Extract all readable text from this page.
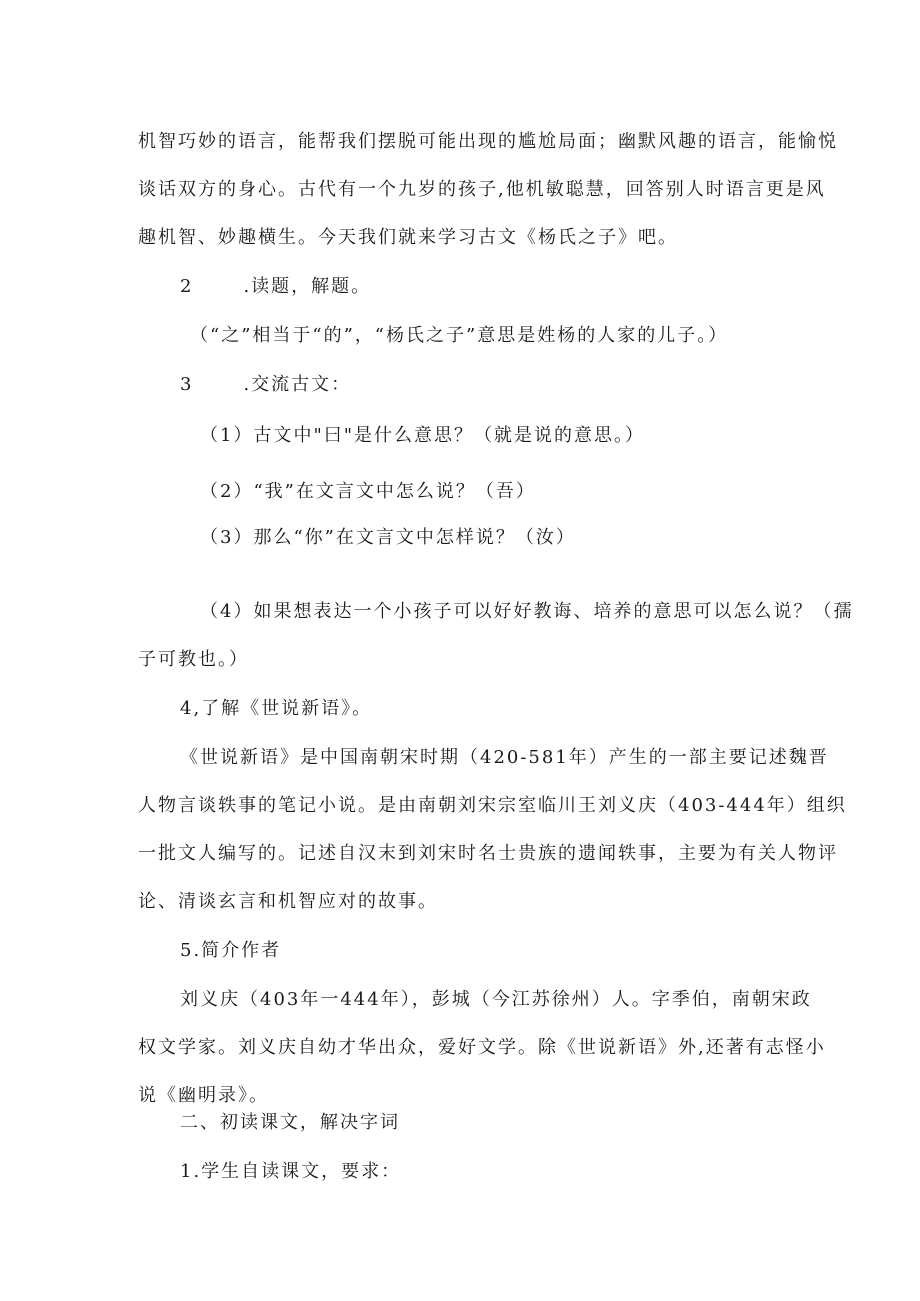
机智巧妙的语言，能帮我们摆脱可能出现的尴尬局面；幽默风趣的语言，能愉悦

谈话双方的身心。古代有一个九岁的孩子,他机敏聪慧，回答别人时语言更是风

趣机智、妙趣横生。今天我们就来学习古文《杨氏之子》吧。

2	.读题，解题。

（“之”相当于“的”，“杨氏之子”意思是姓杨的人家的儿子。）

3	.交流古文：

（1）古文中"曰"是什么意思？（就是说的意思。）

（2）“我”在文言文中怎么说？（吾）

（3）那么“你”在文言文中怎样说？（汝）

（4）如果想表达一个小孩子可以好好教诲、培养的意思可以怎么说？（孺

子可教也。）

4,了解《世说新语》。

《世说新语》是中国南朝宋时期（420-581年）产生的一部主要记述魏晋

人物言谈轶事的笔记小说。是由南朝刘宋宗室临川王刘义庆（403-444年）组织

一批文人编写的。记述自汉末到刘宋时名士贵族的遗闻轶事，主要为有关人物评

论、清谈玄言和机智应对的故事。

5.简介作者

刘义庆（403年一444年），彭城（今江苏徐州）人。字季伯，南朝宋政

权文学家。刘义庆自幼才华出众，爱好文学。除《世说新语》外,还著有志怪小

说《幽明录》。

二、初读课文，解决字词

1.学生自读课文，要求：
